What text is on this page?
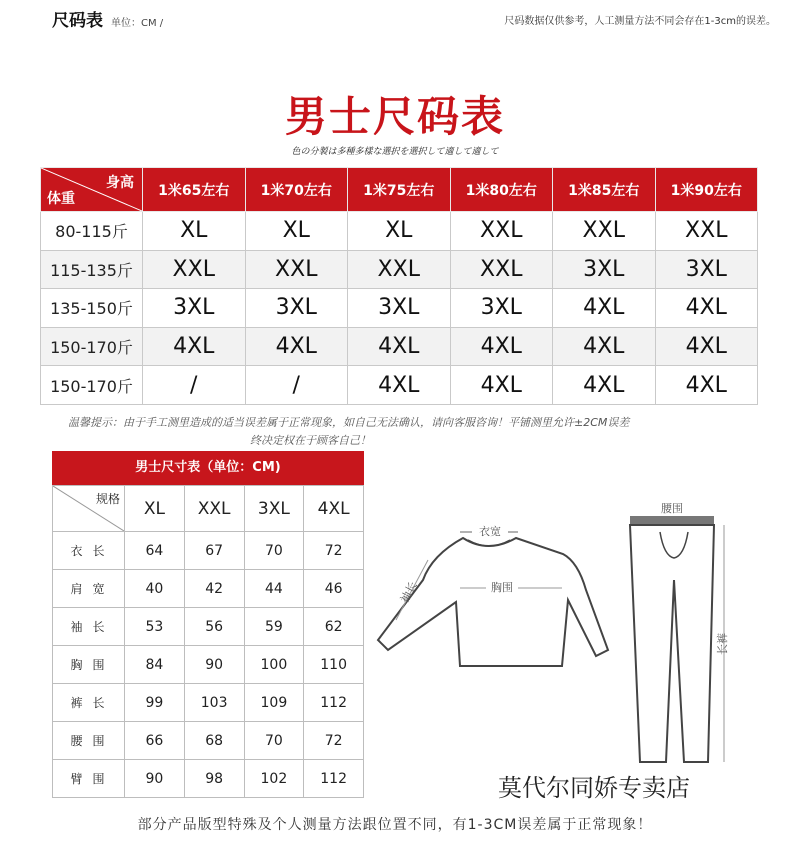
尺码表 单位：CM /	尺码数据仅供参考，人工测量方法不同会存在1-3cm的误差。
男士尺码表
色の分製は多種多樣な選択を選択して適して適して
身高
体重	1米65左右	1米70左右	1米75左右	1米80左右	1米85左右	1米90左右
80-115斤	XL	XL	XL	XXL	XXL	XXL
115-135斤	XXL	XXL	XXL	XXL	3XL	3XL
135-150斤	3XL	3XL	3XL	3XL	4XL	4XL
150-170斤	4XL	4XL	4XL	4XL	4XL	4XL
150-170斤	/	/	4XL	4XL	4XL	4XL
温馨提示：由于手工测里造成的适当误差属于正常现象，如自己无法确认，请向客服咨询！平铺测里允许±2CM误差
终决定权在于顾客自己！
男士尺寸表（单位：CM)
规格	XL	XXL	3XL	4XL
衣长	64	67	70	72
肩宽	40	42	44	46
袖长	53	56	59	62
胸围	84	90	100	110
裤长	99	103	109	112
腰围	66	68	70	72
臂围	90	98	102	112
衣宽
胸围
袖长
腰围
长裤
莫代尔同娇专卖店
部分产品版型特殊及个人测量方法跟位置不同，有1-3CM误差属于正常现象！
